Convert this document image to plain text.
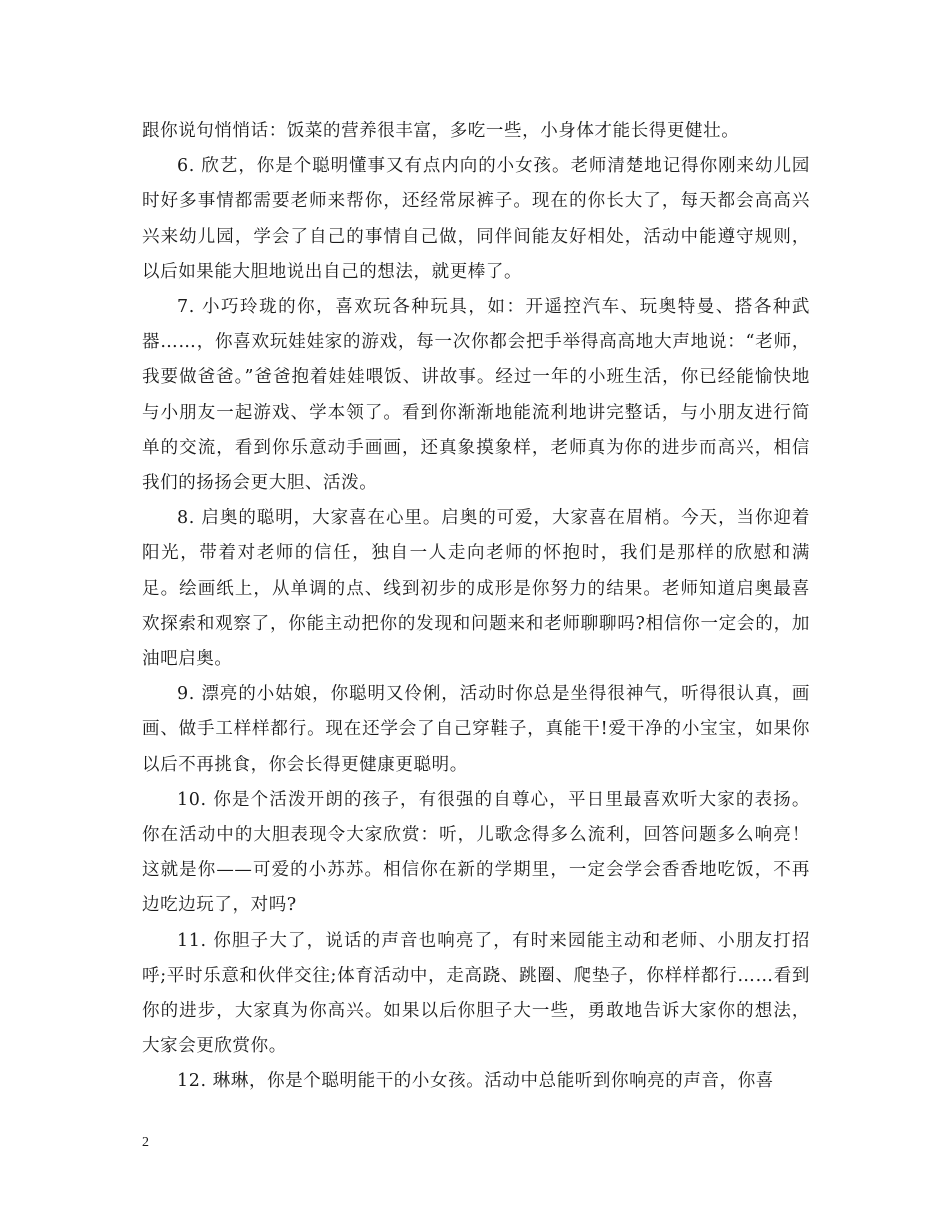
跟你说句悄悄话：饭菜的营养很丰富，多吃一些，小身体才能长得更健壮。

6. 欣艺，你是个聪明懂事又有点内向的小女孩。老师清楚地记得你刚来幼儿园时好多事情都需要老师来帮你，还经常尿裤子。现在的你长大了，每天都会高高兴兴来幼儿园，学会了自己的事情自己做，同伴间能友好相处，活动中能遵守规则，以后如果能大胆地说出自己的想法，就更棒了。

7. 小巧玲珑的你，喜欢玩各种玩具，如：开遥控汽车、玩奥特曼、搭各种武器……，你喜欢玩娃娃家的游戏，每一次你都会把手举得高高地大声地说：“老师，我要做爸爸。”爸爸抱着娃娃喂饭、讲故事。经过一年的小班生活，你已经能愉快地与小朋友一起游戏、学本领了。看到你渐渐地能流利地讲完整话，与小朋友进行简单的交流，看到你乐意动手画画，还真象摸象样，老师真为你的进步而高兴，相信我们的扬扬会更大胆、活泼。

8. 启奥的聪明，大家喜在心里。启奥的可爱，大家喜在眉梢。今天，当你迎着阳光，带着对老师的信任，独自一人走向老师的怀抱时，我们是那样的欣慰和满足。绘画纸上，从单调的点、线到初步的成形是你努力的结果。老师知道启奥最喜欢探索和观察了，你能主动把你的发现和问题来和老师聊聊吗?相信你一定会的，加油吧启奥。

9. 漂亮的小姑娘，你聪明又伶俐，活动时你总是坐得很神气，听得很认真，画画、做手工样样都行。现在还学会了自己穿鞋子，真能干!爱干净的小宝宝，如果你以后不再挑食，你会长得更健康更聪明。

10. 你是个活泼开朗的孩子，有很强的自尊心，平日里最喜欢听大家的表扬。你在活动中的大胆表现令大家欣赏：听，儿歌念得多么流利，回答问题多么响亮！这就是你——可爱的小苏苏。相信你在新的学期里，一定会学会香香地吃饭，不再边吃边玩了，对吗?

11. 你胆子大了，说话的声音也响亮了，有时来园能主动和老师、小朋友打招呼;平时乐意和伙伴交往;体育活动中，走高跷、跳圈、爬垫子，你样样都行……看到你的进步，大家真为你高兴。如果以后你胆子大一些，勇敢地告诉大家你的想法，大家会更欣赏你。

12. 琳琳，你是个聪明能干的小女孩。活动中总能听到你响亮的声音，你喜

2
